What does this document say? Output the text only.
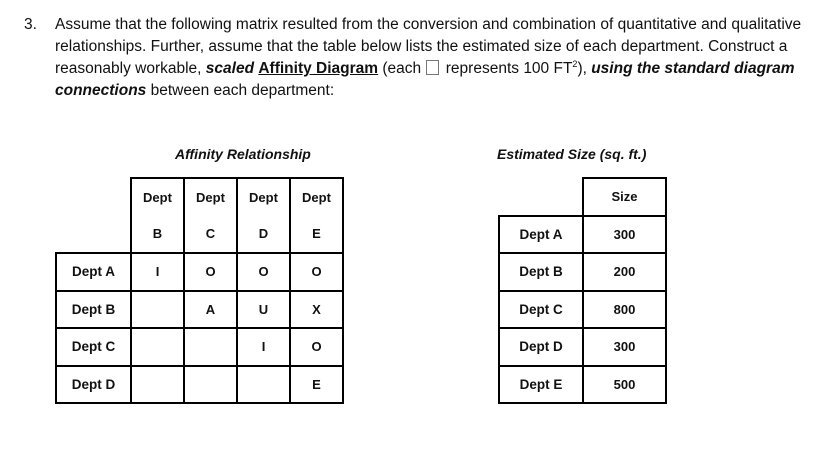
3.	Assume that the following matrix resulted from the conversion and combination of quantitative and qualitative relationships. Further, assume that the table below lists the estimated size of each department. Construct a reasonably workable, scaled Affinity Diagram (each  represents 100 $FT^2$), using the standard diagram connections between each department:
Affinity Relationship	Estimated Size (sq. ft.)
	Dept	Dept	Dept	Dept
	B	C	D	E
Dept A	I	O	O	O
Dept B		A	U	X
Dept C			I	O
Dept D				E
	Size
Dept A	300
Dept B	200
Dept C	800
Dept D	300
Dept E	500
